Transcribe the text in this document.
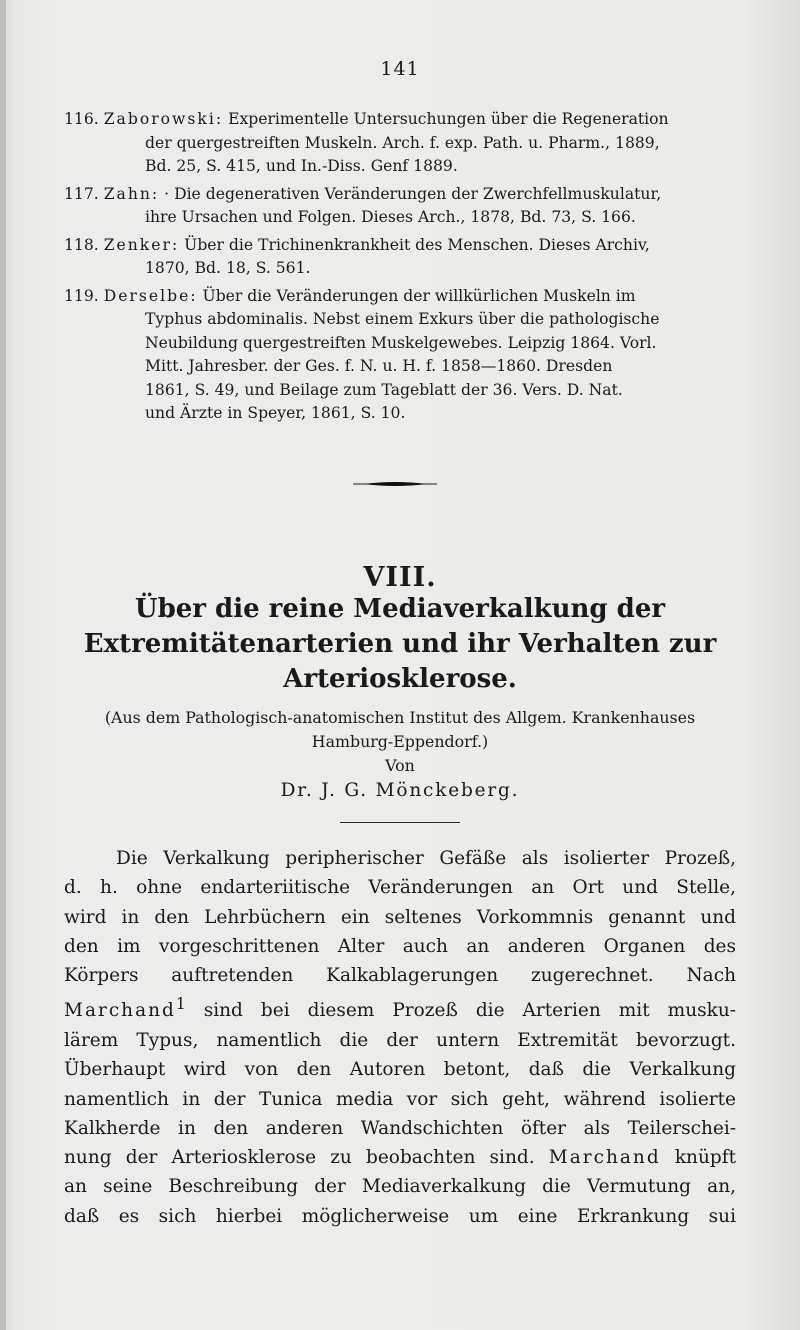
141
116. Zaborowski: Experimentelle Untersuchungen über die Regeneration
der quergestreiften Muskeln. Arch. f. exp. Path. u. Pharm., 1889,
Bd. 25, S. 415, und In.-Diss. Genf 1889.
117. Zahn: · Die degenerativen Veränderungen der Zwerchfellmuskulatur,
ihre Ursachen und Folgen. Dieses Arch., 1878, Bd. 73, S. 166.
118. Zenker: Über die Trichinenkrankheit des Menschen. Dieses Archiv,
1870, Bd. 18, S. 561.
119. Derselbe: Über die Veränderungen der willkürlichen Muskeln im
Typhus abdominalis. Nebst einem Exkurs über die pathologische
Neubildung quergestreiften Muskelgewebes. Leipzig 1864. Vorl.
Mitt. Jahresber. der Ges. f. N. u. H. f. 1858—1860. Dresden
1861, S. 49, und Beilage zum Tageblatt der 36. Vers. D. Nat.
und Ärzte in Speyer, 1861, S. 10.
VIII.
Über die reine Mediaverkalkung der
Extremitätenarterien und ihr Verhalten zur
Arteriosklerose.
(Aus dem Pathologisch-anatomischen Institut des Allgem. Krankenhauses
Hamburg-Eppendorf.)
Von
Dr. J. G. Mönckeberg.
Die Verkalkung peripherischer Gefäße als isolierter Prozeß,
d. h. ohne endarteriitische Veränderungen an Ort und Stelle,
wird in den Lehrbüchern ein seltenes Vorkommnis genannt und
den im vorgeschrittenen Alter auch an anderen Organen des
Körpers auftretenden Kalkablagerungen zugerechnet. Nach
Marchand$^1$ sind bei diesem Prozeß die Arterien mit musku-
lärem Typus, namentlich die der untern Extremität bevorzugt.
Überhaupt wird von den Autoren betont, daß die Verkalkung
namentlich in der Tunica media vor sich geht, während isolierte
Kalkherde in den anderen Wandschichten öfter als Teilerschei-
nung der Arteriosklerose zu beobachten sind. Marchand knüpft
an seine Beschreibung der Mediaverkalkung die Vermutung an,
daß es sich hierbei möglicherweise um eine Erkrankung sui
